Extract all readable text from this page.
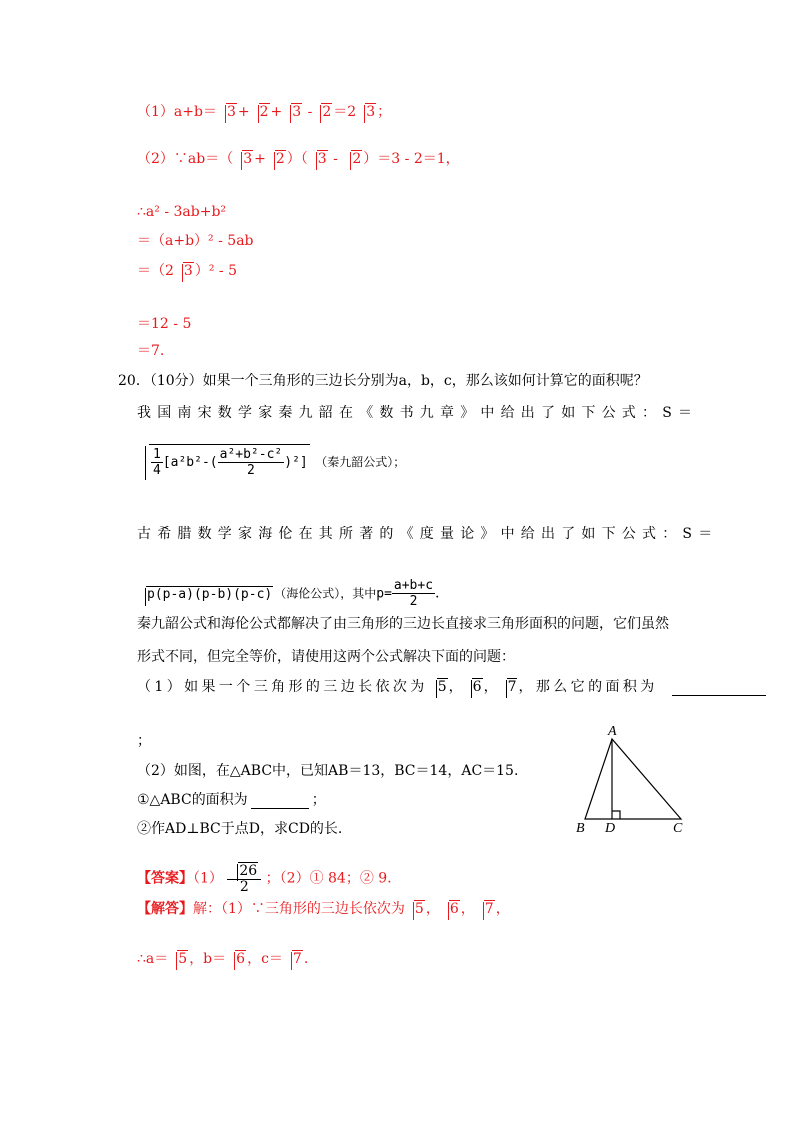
（1）a+b＝ 3 + 2 + 3 - 2 ＝2 3 ；
（2）∵ab＝（ 3 + 2 ）（ 3 - 2 ）＝3 - 2＝1，
∴a² - 3ab+b²
＝（a+b）² - 5ab
＝（2 3 ）² - 5
＝12 - 5
＝7.
20．（10分）如果一个三角形的三边长分别为a，b，c，那么该如何计算它的面积呢？
我国南宋数学家秦九韶在《数书九章》中给出了如下公式：S＝
$\frac{1}{4} [a^2b^2-( \frac{\text{a²+b²-c²}}{2} )^2]$ （秦九韶公式）；
古希腊数学家海伦在其所著的《度量论》中给出了如下公式：S＝
p(p-a)(p-b)(p-c) （海伦公式），其中$p= \frac{a+b+c}{2}$ .
秦九韶公式和海伦公式都解决了由三角形的三边长直接求三角形面积的问题，它们虽然
形式不同，但完全等价，请使用这两个公式解决下面的问题：
（1）如果一个三角形的三边长依次为 5 ， 6 ， 7 ，那么它的面积为
；
（2）如图，在△ABC中，已知AB＝13，BC＝14，AC＝15.
①△ABC的面积为	；
②作AD⊥BC于点D，求CD的长.
A
B D	C
【答案】$(1) \frac{26}{2}$ ；（2）① 84；② 9.
【解答】解：（1）∵三角形的三边长依次为 5 ， 6 ， 7 ，
∴a＝ 5 ，b＝ 6 ，c＝ 7 .
